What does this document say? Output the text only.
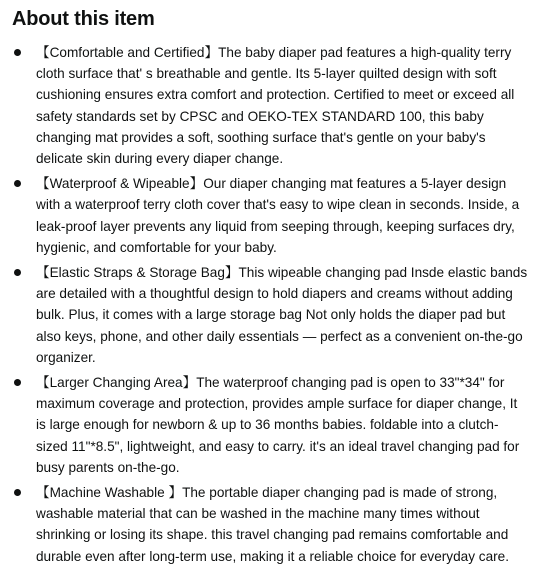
About this item
【Comfortable and Certified】The baby diaper pad features a high-quality terry cloth surface that' s breathable and gentle. Its 5-layer quilted design with soft cushioning ensures extra comfort and protection. Certified to meet or exceed all safety standards set by CPSC and OEKO-TEX STANDARD 100, this baby changing mat provides a soft, soothing surface that's gentle on your baby's delicate skin during every diaper change.
【Waterproof & Wipeable】Our diaper changing mat features a 5-layer design with a waterproof terry cloth cover that's easy to wipe clean in seconds. Inside, a leak-proof layer prevents any liquid from seeping through, keeping surfaces dry, hygienic, and comfortable for your baby.
【Elastic Straps & Storage Bag】This wipeable changing pad Insde elastic bands are detailed with a thoughtful design to hold diapers and creams without adding bulk. Plus, it comes with a large storage bag Not only holds the diaper pad but also keys, phone, and other daily essentials — perfect as a convenient on-the-go organizer.
【Larger Changing Area】The waterproof changing pad is open to 33"*34" for maximum coverage and protection, provides ample surface for diaper change, It is large enough for newborn & up to 36 months babies. foldable into a clutch-sized 11"*8.5", lightweight, and easy to carry. it's an ideal travel changing pad for busy parents on-the-go.
【Machine Washable 】The portable diaper changing pad is made of strong, washable material that can be washed in the machine many times without shrinking or losing its shape. this travel changing pad remains comfortable and durable even after long-term use, making it a reliable choice for everyday care.
